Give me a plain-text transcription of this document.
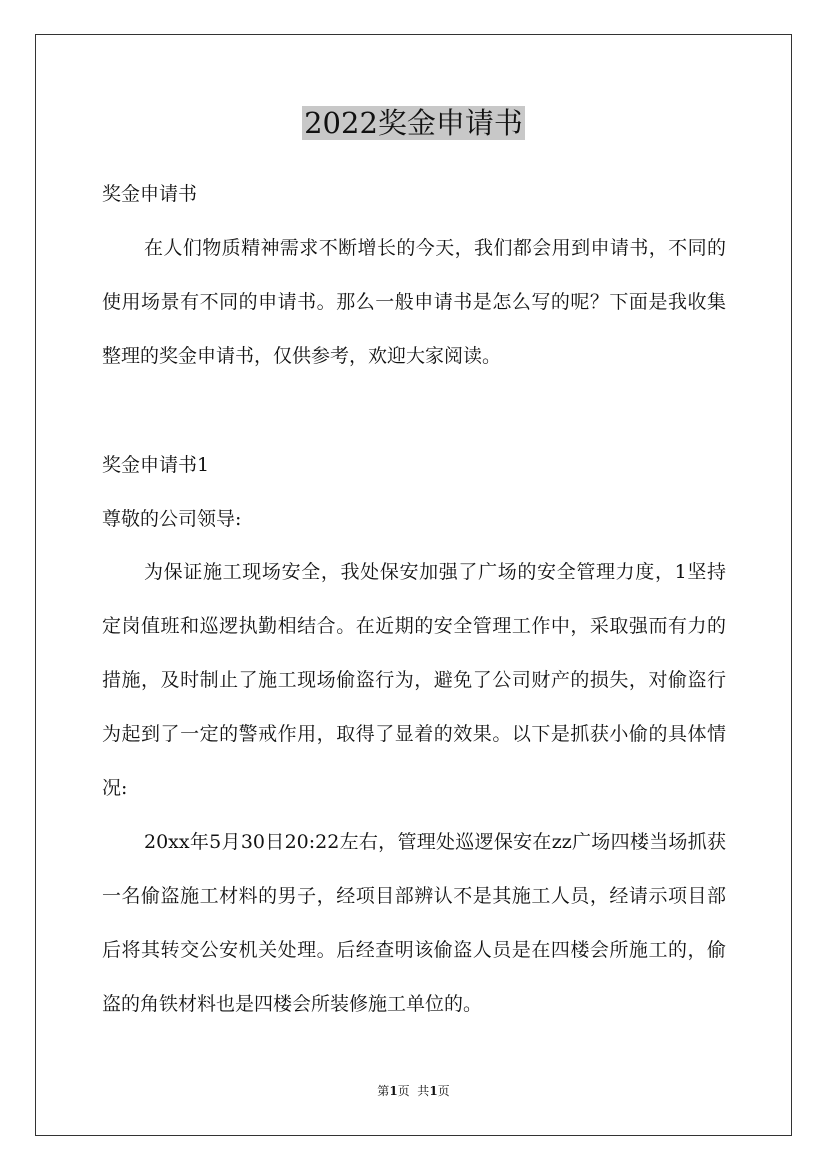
2022奖金申请书
奖金申请书

在人们物质精神需求不断增长的今天，我们都会用到申请书，不同的使用场景有不同的申请书。那么一般申请书是怎么写的呢？下面是我收集整理的奖金申请书，仅供参考，欢迎大家阅读。

奖金申请书1
尊敬的公司领导:

为保证施工现场安全，我处保安加强了广场的安全管理力度，1坚持定岗值班和巡逻执勤相结合。在近期的安全管理工作中，采取强而有力的措施，及时制止了施工现场偷盗行为，避免了公司财产的损失，对偷盗行为起到了一定的警戒作用，取得了显着的效果。以下是抓获小偷的具体情况:

20xx年5月30日20:22左右，管理处巡逻保安在zz广场四楼当场抓获一名偷盗施工材料的男子，经项目部辨认不是其施工人员，经请示项目部后将其转交公安机关处理。后经查明该偷盗人员是在四楼会所施工的，偷盗的角铁材料也是四楼会所装修施工单位的。

第1页  共1页
